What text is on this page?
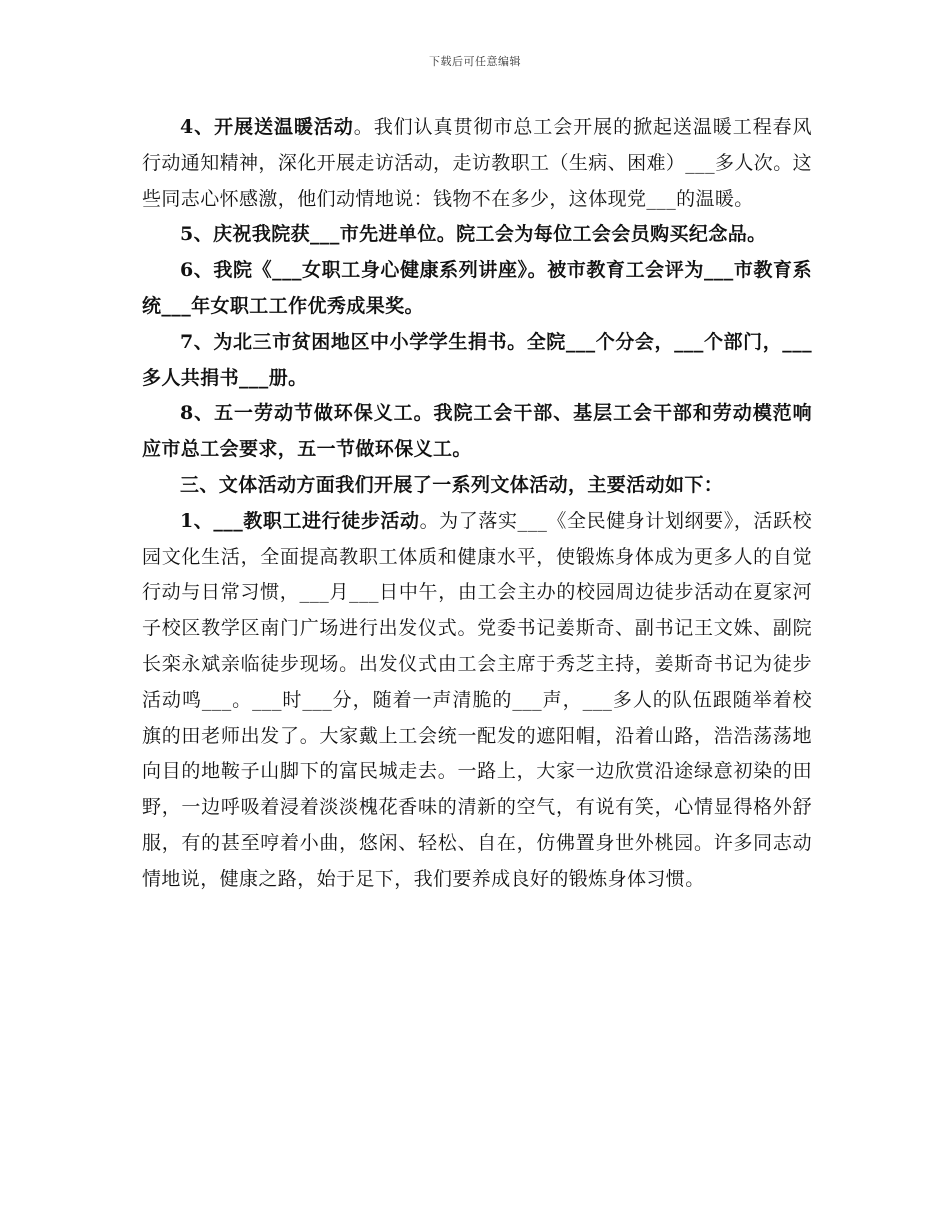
下载后可任意编辑

4、开展送温暖活动。我们认真贯彻市总工会开展的掀起送温暖工程春风行动通知精神，深化开展走访活动，走访教职工（生病、困难）___多人次。这些同志心怀感激，他们动情地说：钱物不在多少，这体现党___的温暖。

5、庆祝我院获___市先进单位。院工会为每位工会会员购买纪念品。

6、我院《___女职工身心健康系列讲座》。被市教育工会评为___市教育系统___年女职工工作优秀成果奖。

7、为北三市贫困地区中小学学生捐书。全院___个分会，___个部门，___多人共捐书___册。

8、五一劳动节做环保义工。我院工会干部、基层工会干部和劳动模范响应市总工会要求，五一节做环保义工。

三、文体活动方面我们开展了一系列文体活动，主要活动如下：

1、___教职工进行徒步活动。为了落实___《全民健身计划纲要》，活跃校园文化生活，全面提高教职工体质和健康水平，使锻炼身体成为更多人的自觉行动与日常习惯，___月___日中午，由工会主办的校园周边徒步活动在夏家河子校区教学区南门广场进行出发仪式。党委书记姜斯奇、副书记王文姝、副院长栾永斌亲临徒步现场。出发仪式由工会主席于秀芝主持，姜斯奇书记为徒步活动鸣___。___时___分，随着一声清脆的___声，___多人的队伍跟随举着校旗的田老师出发了。大家戴上工会统一配发的遮阳帽，沿着山路，浩浩荡荡地向目的地鞍子山脚下的富民城走去。一路上，大家一边欣赏沿途绿意初染的田野，一边呼吸着浸着淡淡槐花香味的清新的空气，有说有笑，心情显得格外舒服，有的甚至哼着小曲，悠闲、轻松、自在，仿佛置身世外桃园。许多同志动情地说，健康之路，始于足下，我们要养成良好的锻炼身体习惯。
